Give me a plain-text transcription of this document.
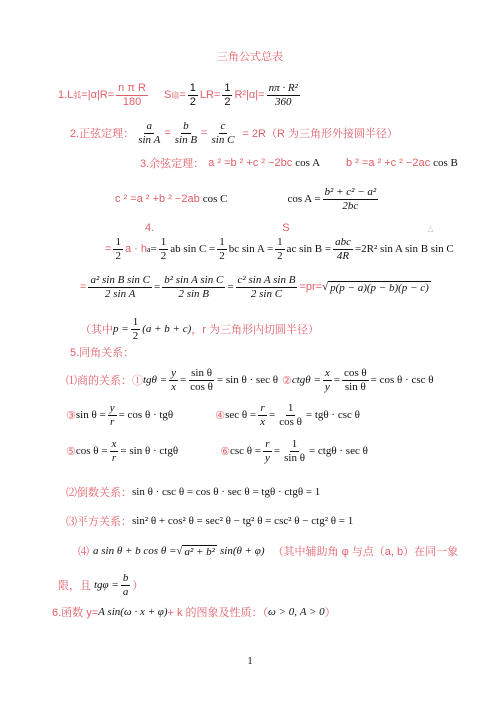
三角公式总表
1.L 弧 $=|\alpha|R= \frac{\text{n π R}}{180}$ S 扇 = $\frac{1}{2} LR= \frac{1}{2} R^2|\alpha|= \frac{\text{nπ · R²}}{360}$
2.正弦定理： $\frac{a}{\text{sin A}} = \frac{b}{\text{sin B}} = \frac{c}{\text{sin C}} = 2R(R$ 为三角形外接圆半径）
3.余弦定理： a ² =b ² +c ² −2bc cos A b ² =a ² +c ² −2ac cos B
c ² =a ² +b ² −2ab cos C	$\cos A = \frac{\text{b² + c² − a²}}{2bc}$
4.	S	△
= $\frac{1}{2}$ a · h $a = \frac{1}{2}$ ab $\sin C = \frac{1}{2}$ bc $\sin A = \frac{1}{2}$ ac $\sin B = \frac{\text{abc}}{4R} =2R^2$ sin A sin B sin C
= $\frac{\text{a² sin B sin C}}{\text{2 sin A}} = \frac{\text{b² sin A sin C}}{\text{2 sin B}} = \frac{\text{c² sin A sin B}}{\text{2 sin C}} =pr=$ √ p(p − a)(p − b)(p − c)
（其中 $p = \frac{1}{2} (a + b + c)$ ，r 为三角形内切圆半径）
5.同角关系：
⑴商的关系：① $tg\theta = \frac{y}{x} = \frac{\text{sin θ}}{\text{cos θ}} = \sin \theta \cdot \sec \theta$ ② $ctg\theta = \frac{x}{y} = \frac{\text{cos θ}}{\text{sin θ}} = \cos \theta \cdot \csc \theta$
③ $\sin \theta = \frac{y}{r} = \cos \theta \cdot tg\theta$	④ $\sec \theta = \frac{r}{x} = \frac{1}{\text{cos θ}} = tg\theta \cdot \csc \theta$
⑤ $\cos \theta = \frac{x}{r} = \sin \theta \cdot ctg\theta$	⑥ $\csc \theta = \frac{r}{y} = \frac{1}{\text{sin θ}} = ctg\theta \cdot \sec \theta$
⑵倒数关系： sin θ · csc θ = cos θ · sec θ = tgθ · ctgθ = 1
⑶平方关系： sin² θ + cos² θ = sec² θ − tg² θ = csc² θ − ctg² θ = 1
⑷ a sin θ + b cos θ = √ a² + b² sin(θ + φ) （其中辅助角 φ 与点（a, b）在同一象
限，且 $tg\varphi = \frac{b}{a}$ ）
6.函数 y= A sin(ω · x + φ) + k 的图象及性质：（ ω > 0, A > 0 ）
1
